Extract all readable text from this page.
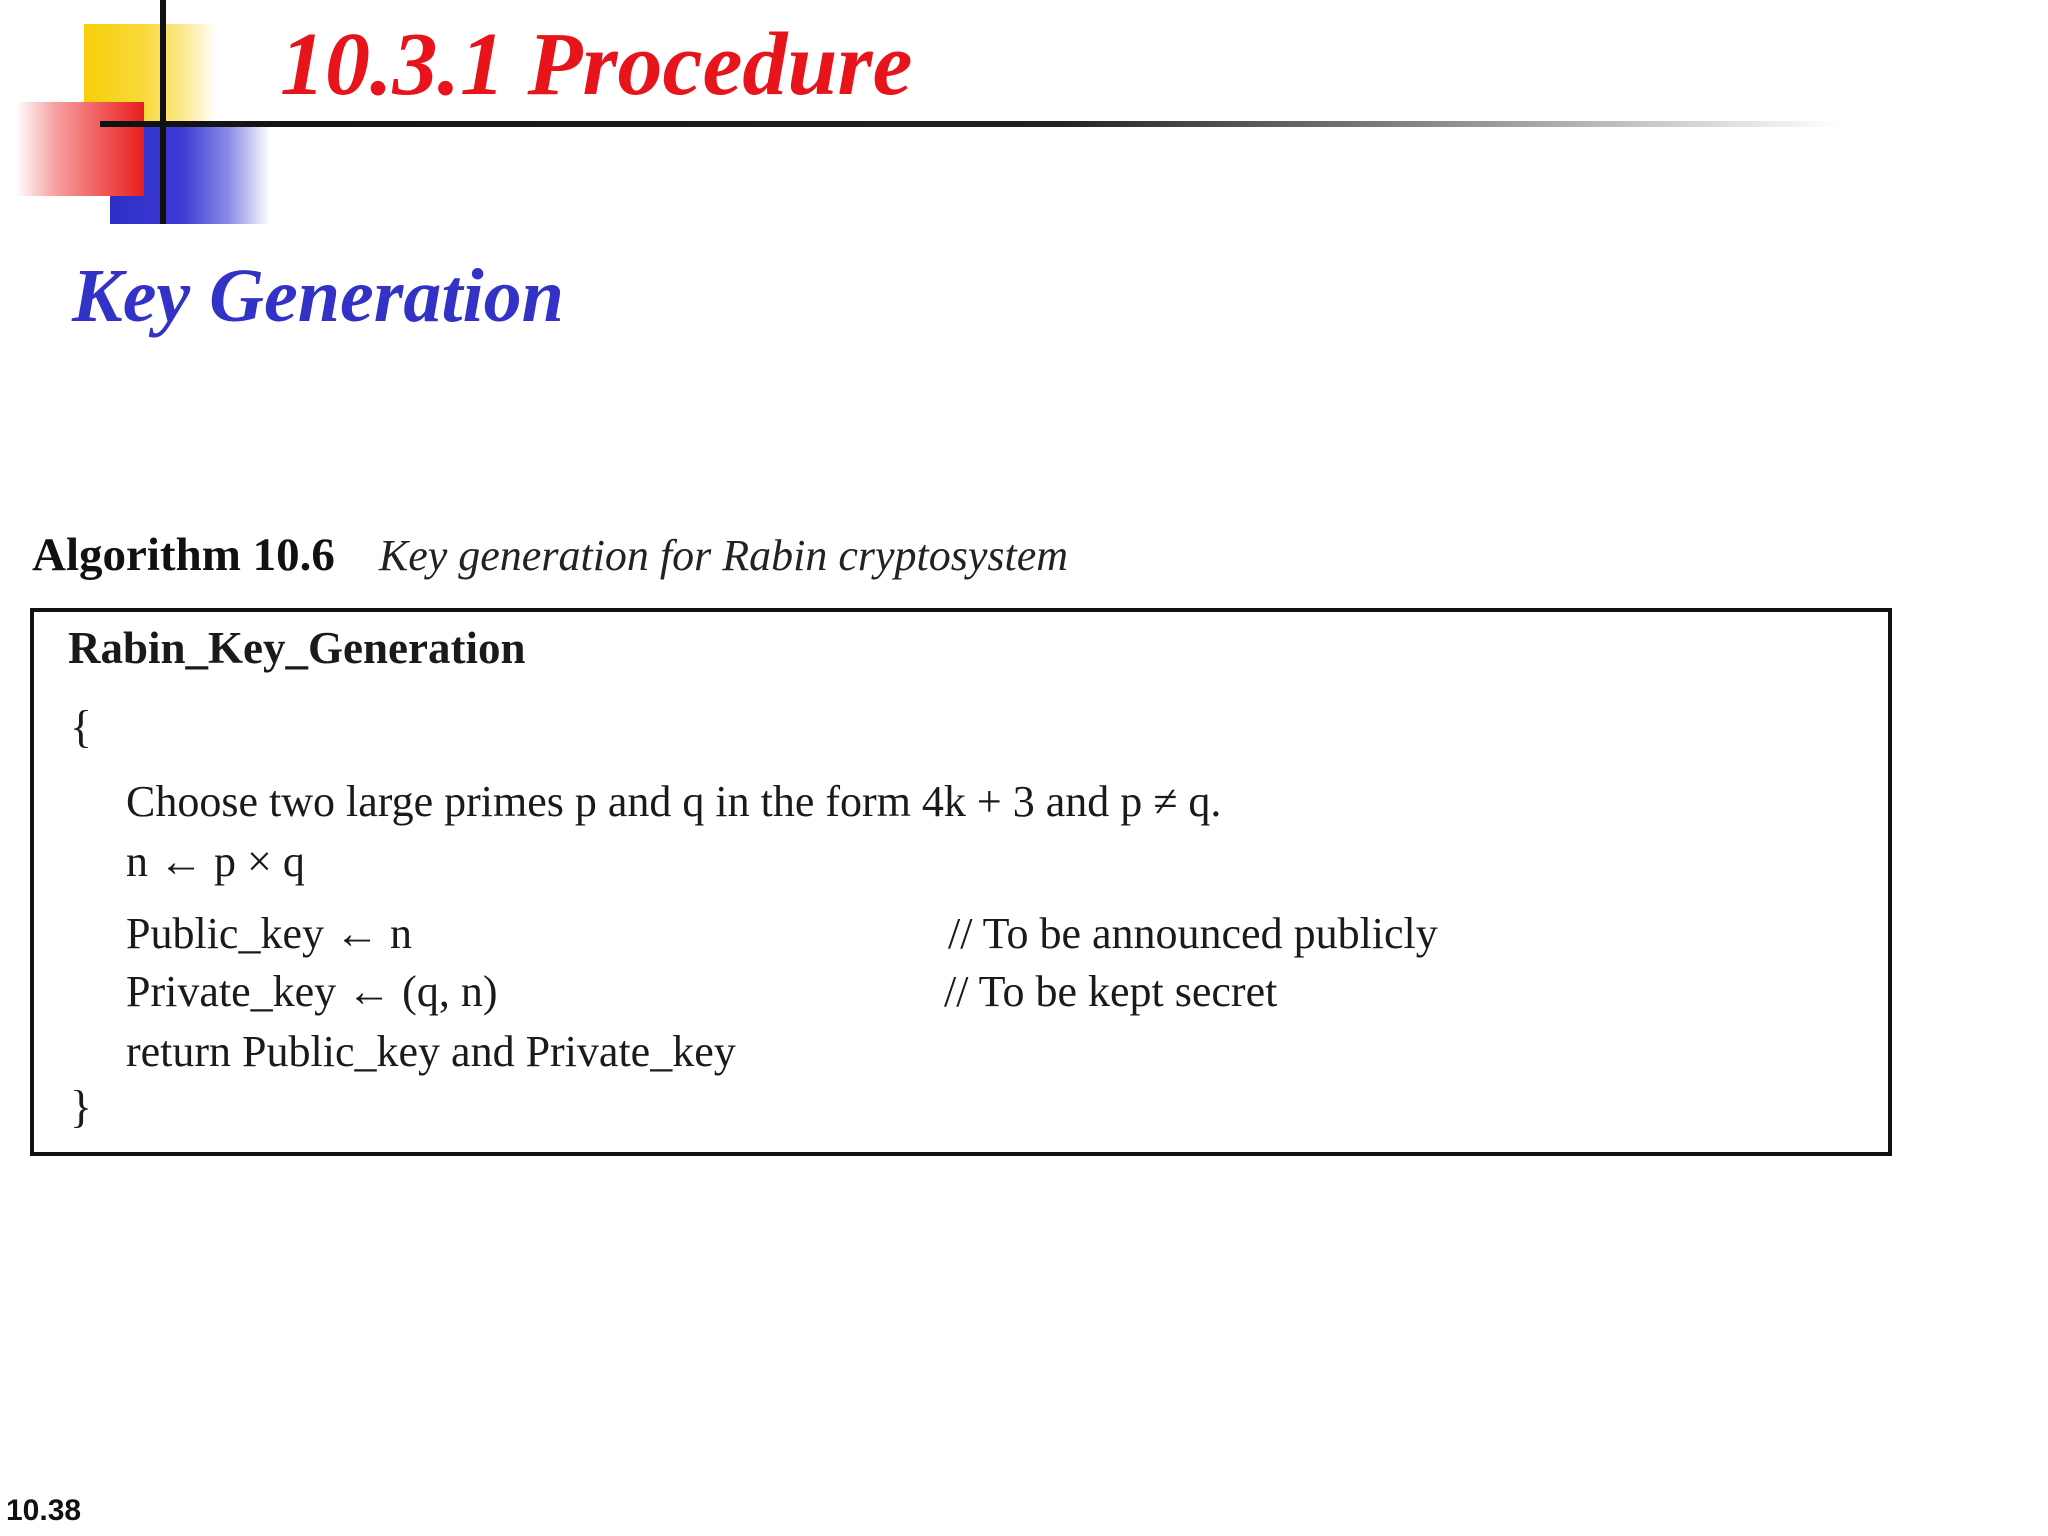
10.3.1 Procedure
Key Generation
Algorithm 10.6 Key generation for Rabin cryptosystem
Rabin_Key_Generation
{
Choose two large primes p and q in the form 4k + 3 and p ≠ q.
n ← p × q
Public_key ← n
Private_key ← (q, n)
return Public_key and Private_key
// To be announced publicly
// To be kept secret
}
10.38
